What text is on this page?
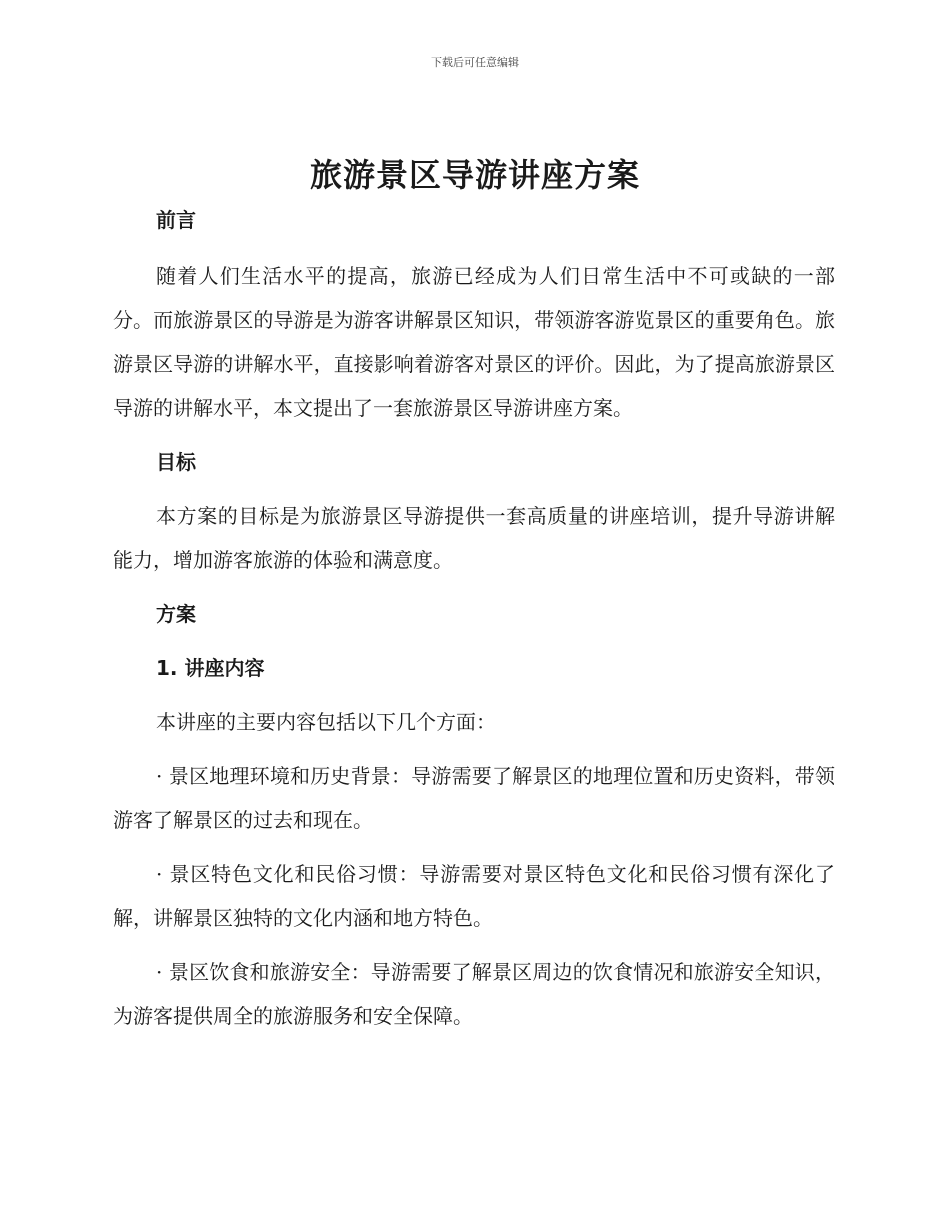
下载后可任意编辑
旅游景区导游讲座方案
前言

随着人们生活水平的提高，旅游已经成为人们日常生活中不可或缺的一部分。而旅游景区的导游是为游客讲解景区知识，带领游客游览景区的重要角色。旅游景区导游的讲解水平，直接影响着游客对景区的评价。因此，为了提高旅游景区导游的讲解水平，本文提出了一套旅游景区导游讲座方案。

目标

本方案的目标是为旅游景区导游提供一套高质量的讲座培训，提升导游讲解能力，增加游客旅游的体验和满意度。

方案
1. 讲座内容

本讲座的主要内容包括以下几个方面：

· 景区地理环境和历史背景：导游需要了解景区的地理位置和历史资料，带领游客了解景区的过去和现在。

· 景区特色文化和民俗习惯：导游需要对景区特色文化和民俗习惯有深化了解，讲解景区独特的文化内涵和地方特色。

· 景区饮食和旅游安全：导游需要了解景区周边的饮食情况和旅游安全知识，为游客提供周全的旅游服务和安全保障。
